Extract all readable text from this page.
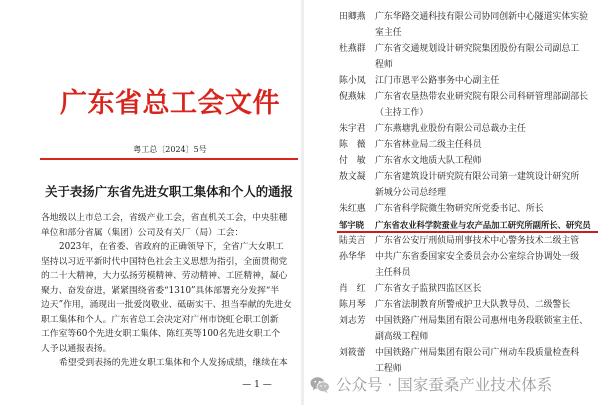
广东省总工会文件
粤工总〔2024〕5号
关于表扬广东省先进女职工集体和个人的通报
各地级以上市总工会，省级产业工会，省直机关工会，中央驻穗
单位和部分省属（集团）公司及有关厂（局）工会：
2023年，在省委、省政府的正确领导下，全省广大女职工
坚持以习近平新时代中国特色社会主义思想为指引，全面贯彻党
的二十大精神，大力弘扬劳模精神、劳动精神、工匠精神，凝心
聚力、奋发奋进，紧紧围绕省委“1310”具体部署充分发挥“半
边天”作用，涌现出一批爱岗敬业、砥砺实干、担当奉献的先进女
职工集体和个人。广东省总工会决定对广州市饶虹仑职工创新
工作室等60个先进女职工集体、陈红英等100名先进女职工个
人予以通报表扬。
希望受到表扬的先进女职工集体和个人发扬成绩，继续在本
— 1 —
田卿燕	广东华路交通科技有限公司协同创新中心隧道实体实验
室主任
杜燕群	广东省交通规划设计研究院集团股份有限公司副总工
程师
陈小凤	江门市恩平公路事务中心副主任
倪燕妹	广东省农垦热带农业研究院有限公司科研管理部副部长
（主持工作）
朱宇君	广东燕塘乳业股份有限公司总裁办主任
陈　薇	广东省林业局二级主任科员
付　敏	广东省水文地质大队工程师
敖文凝	广东省建筑设计研究院有限公司第一建筑设计研究所
新城分公司总经理
朱红惠	广东省科学院微生物研究所党委书记、所长
邹宇晓	广东省农业科学院蚕业与农产品加工研究所副所长、研究员
陆美言	广东省公安厅刑侦局刑事技术中心警务技术二级主管
孙华华	中共广东省委国家安全委员会办公室综合协调处一级
主任科员
肖　红	广东省女子监狱四监区区长
陈月琴	广东省法制教育所警戒护卫大队教导员、二级警长
刘志芳	中国铁路广州局集团有限公司惠州电务段联锁室主任、
副高级工程师
刘筱蕾	中国铁路广州局集团有限公司广州动车段质量检查科
工程师
公众号 · 国家蚕桑产业技术体系
